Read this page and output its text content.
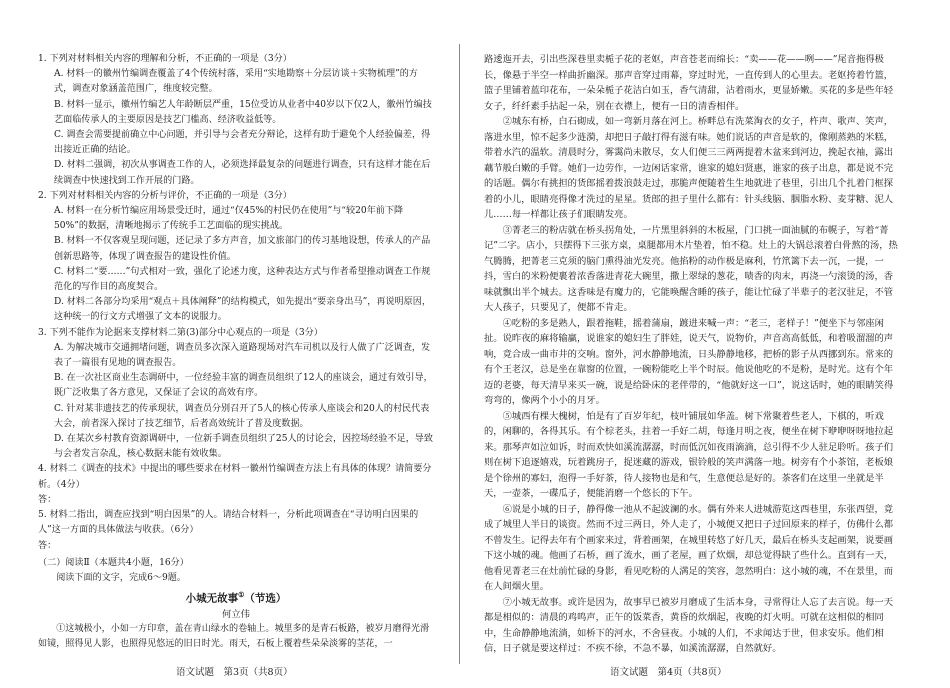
1. 下列对材料相关内容的理解和分析，不正确的一项是（3分）

A. 材料一的徽州竹编调查覆盖了4个传统村落，采用“实地勘察＋分层访谈＋实物梳理”的方式，调查对象涵盖范围广，维度较完整。

B. 材料一显示，徽州竹编艺人年龄断层严重，15位受访从业者中40岁以下仅2人，徽州竹编技艺面临传承人的主要原因是技艺门槛高、经济收益低等。

C. 调查会需要提前确立中心问题，并引导与会者充分辩论，这样有助于避免个人经验偏差，得出接近正确的结论。

D. 材料二强调，初次从事调查工作的人，必须选择最复杂的问题进行调查，只有这样才能在后续调查中快速找到工作开展的门路。

2. 下列对材料相关内容的分析与评价，不正确的一项是（3分）

A. 材料一在分析竹编应用场景受迁时，通过“仅45%的村民仍在使用”与“较20年前下降50%”的数据，清晰地揭示了传统手工艺面临的现实挑战。

B. 材料一不仅客观呈现问题，还记录了多方声音，加文旅部门的传习基地设想，传承人的产品创新思路等，体现了调查报告的建设性价值。

C. 材料二“要……”句式相对一致，强化了论述力度，这种表达方式与作者希望推动调查工作规范化的写作目的高度契合。

D. 材料二各部分均采用“观点＋具体阐释”的结构模式，如先提出“要亲身出马”，再说明原因，这种统一的行文方式增强了文本的说服力。

3. 下列不能作为论据来支撑材料二第(3)部分中心观点的一项是（3分）

A. 为解决城市交通拥堵问题，调查员多次深入道路现场对汽车司机以及行人做了广泛调查，发表了一篇很有见地的调查报告。

B. 在一次社区商业生态调研中，一位经验丰富的调查员组织了12人的座谈会，通过有效引导，既广泛收集了各方意见，又保证了会议的高效有序。

C. 针对某非遗技艺的传承现状，调查员分别召开了5人的核心传承人座谈会和20人的村民代表大会，前者深入探讨了技艺细节，后者高效统计了普及度数据。

D. 在某次乡村教育资源调研中，一位新手调查员组织了25人的讨论会，因控场经验不足，导致与会者发言杂乱，核心数据未能有效收集。

4. 材料二《调查的技术》中提出的哪些要求在材料一徽州竹编调查方法上有具体的体现？请简要分析。（4分）

答：

5. 材料二指出，调查应找到“明白因果”的人。请结合材料一，分析此项调查在“寻访明白因果的人”这一方面的具体做法与收获。（6分）

答：

（二）阅读Ⅱ（本题共4小题，16分）

阅读下面的文字，完成6～9题。

小城无故事①（节选）

何立伟

①这城极小，小如一方印章，盖在青山绿水的卷轴上。城里多的是青石板路，被岁月磨得光滑如镜，照得见人影，也照得见悠远的旧日时光。雨天，石板上覆着些朵朵淡雾的茎花，一

路逶迤开去，引出些深巷里卖栀子花的老妪，声音苍老而绵长：“卖——花——咧——”尾音拖得极长，像悬于半空一样曲折幽深。那声音穿过雨幕，穿过时光，一直传到人的心里去。老妪挎着竹篮，篮子里铺着蓝印花布，一朵朵栀子花洁白如玉，香气清甜，沾着雨水，更显娇嫩。买花的多是些年轻女子，纤纤素手拈起一朵，别在衣襟上，便有一日的清香相伴。

②城东有桥，白石砌成，如一弯新月落在河上。桥畔总有洗菜淘衣的女子，杵声、歌声、笑声，落进水里，惊不起多少涟漪，却把日子敲打得有滋有味。她们说话的声音是软的，像刚蒸熟的米糕，带着水汽的温软。清晨时分，雾霭尚未散尽，女人们便三三两两提着木盆来到河边，挽起衣袖，露出藕节般白嫩的手臂。她们一边劳作，一边闲话家常，谁家的媳妇贤惠，谁家的孩子出息，都是说不完的话题。偶尔有挑担的货郎摇着拨浪鼓走过，那脆声便随着生生地就进了巷里，引出几个扎着门框探着的小儿，眼睛亮得像才洗过的星星。货郎的担子里什么都有：针头线脑、胭脂水粉、麦芽糖、泥人儿……每一样都让孩子们眼睛发亮。

③菁老三的粉店就在桥头拐角处，一片黑里斜斜的木板屋，门口挑一面油腻的布幌子，写着“菁记”二字。店小，只摆得下三张方桌，桌腿都用木片垫着，怕不稳。灶上的大锅总滚着白骨熬的汤，热气腾腾，把菁老三克须的脑门熏得油光发亮。他掐粉的动作极是麻利，竹笊篱下去一沉，一提，一抖，雪白的米粉便裹着浓香落进青花大碗里，撒上翠绿的葱花，啧香的肉末，再浇一勺滚烫的汤，香味就飘出半个城去。这香味是有魔力的，它能唤醒含睡的孩子，能让忙碌了半辈子的老汉驻足，不管大人孩子，只要见了，便都不肯走。

④吃粉的多是熟人，跟着拖鞋，摇着蒲扇，踱进来喊一声：“老三，老样子！”便坐下与邻座闲扯。说昨夜的麻将输赢，说谁家的媳妇生了胖娃，说天气，说物价，声音高高低低，和着吸溜溜的声响，竟合成一曲市井的交响。窗外，河水静静地流，日头静静地移，把桥的影子从西挪到东。常来的有个王老汉，总是坐在靠窗的位置，一碗粉能吃上半个时辰。他说他吃的不是粉，是时光。这有个年迈的老婆，每天清早来买一碗，说是给卧床的老伴带的，“他就好这一口”，说这话时，她的眼睛笑得弯弯的，像两个小小的月牙。

⑤城西有棵大槐树，怕是有了百岁年纪，枝叶铺展如华盖。树下常聚着些老人，下棋的，听戏的，闲聊的，各得其乐。有个棕老头，拄着一手好二胡，每逢月明之夜，便坐在树下咿咿呀呀地拉起来。那琴声如泣如诉，时而欢快如溪流潺潺，时而低沉如夜雨滴滴，总引得不少人驻足聆听。孩子们则在树下追逐嬉戏，玩着跳房子，捉迷藏的游戏，银铃般的笑声满落一地。树旁有个小茶馆，老板娘是个徐州的寡妇，泡得一手好茶，待人接物也是和气，生意便总是好的。茶客们在这里一坐就是半天，一壶茶，一碟瓜子，便能消磨一个悠长的下午。

⑥说是小城的日子，静得像一池从不起波澜的水。偶有外来人进城游览这西巷里，东张西望，竟成了城里人半日的谈资。然而不过三两日，外人走了，小城便又把日子过回原来的样子，仿佛什么都不曾发生。记得去年有个画家来过，背着画架，在城里转悠了好几天，最后在桥头支起画架，说要画下这小城的魂。他画了石桥，画了流水，画了老屋，画了炊烟，却总觉得缺了些什么。直到有一天，他看见菁老三在灶前忙碌的身影，看见吃粉的人满足的笑容，忽然明白：这小城的魂，不在景里，而在人间烟火里。

⑦小城无故事。或许是因为，故事早已被岁月磨成了生活本身，寻常得让人忘了去言说。每一天都是相似的：清晨的鸡鸣声，正午的饭菜香，黄昏的炊烟起，夜晚的灯火明。可就在这相似的相同中，生命静静地流淌，如桥下的河水，不舍昼夜。小城的人们，不求闻达于世，但求安乐。他们相信，日子就是要这样过：不疾不徐，不急不暴，如溪流潺潺，自然就好。

语文试题　第3页（共8页）	语文试题　第4页（共8页）
